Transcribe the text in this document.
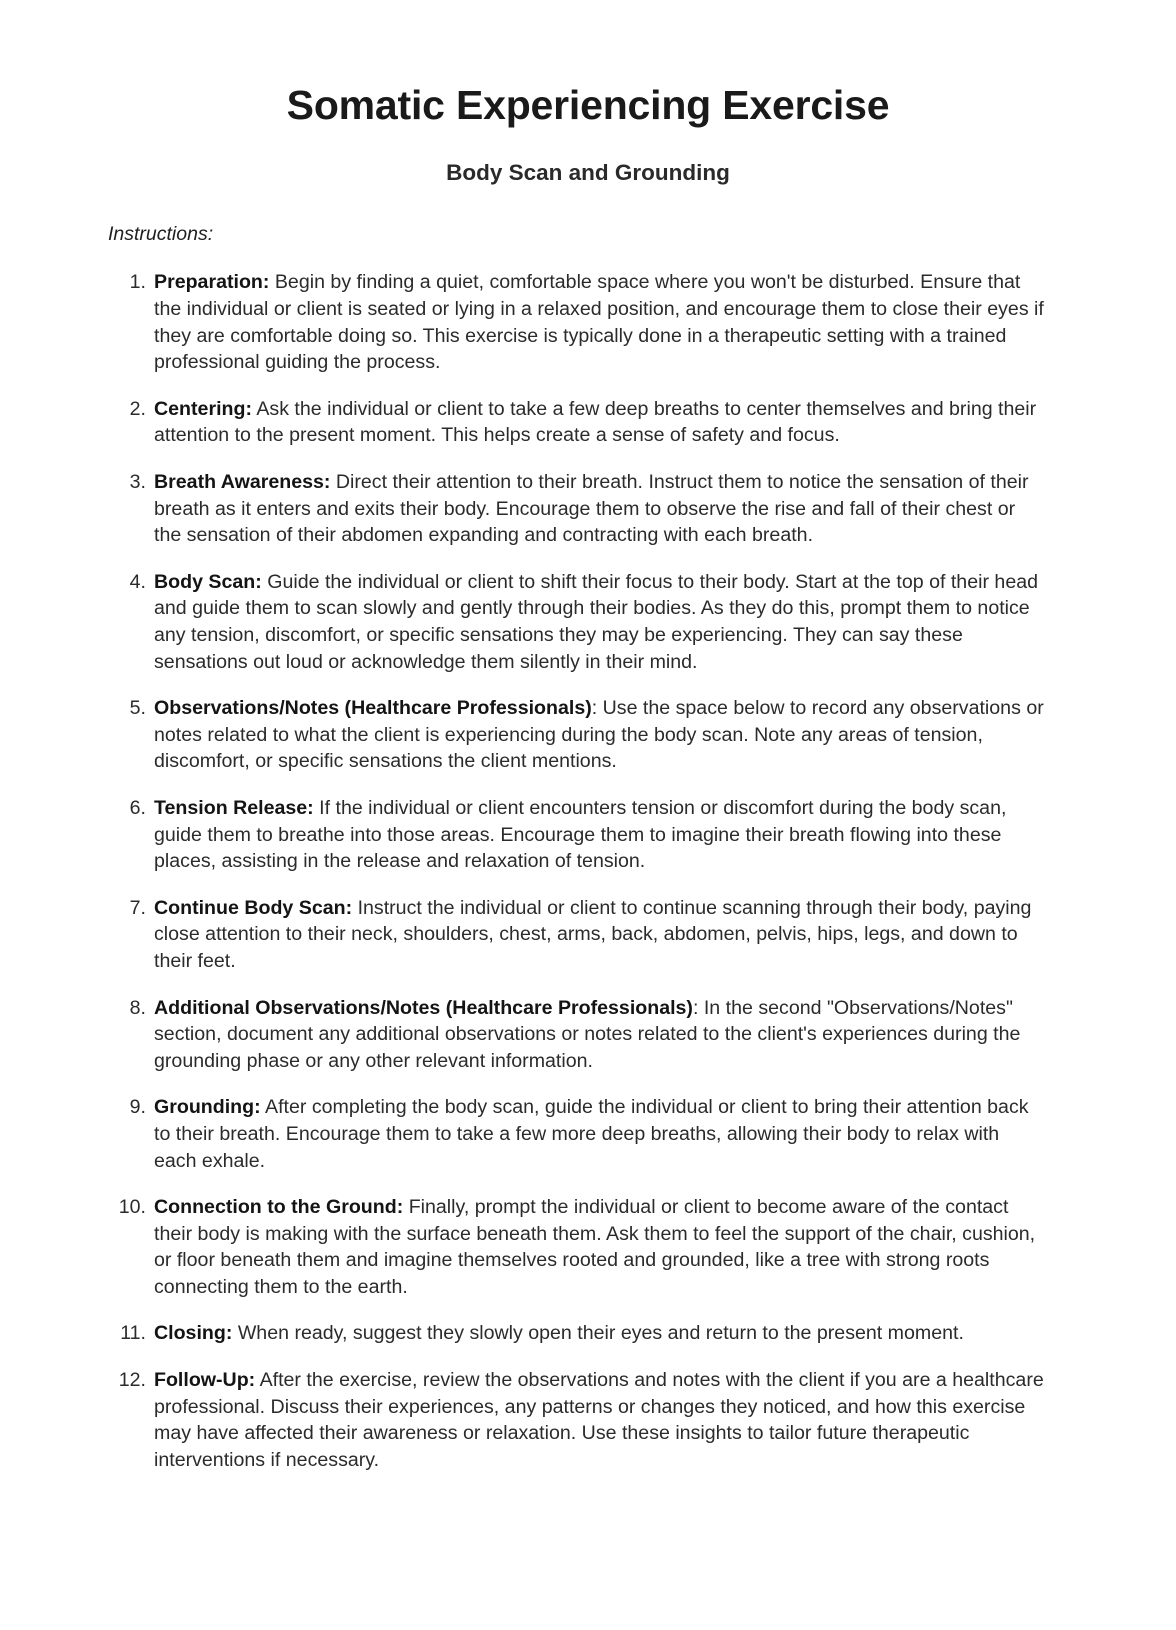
Somatic Experiencing Exercise
Body Scan and Grounding

Instructions:

1. Preparation: Begin by finding a quiet, comfortable space where you won't be disturbed. Ensure that the individual or client is seated or lying in a relaxed position, and encourage them to close their eyes if they are comfortable doing so. This exercise is typically done in a therapeutic setting with a trained professional guiding the process.
2. Centering: Ask the individual or client to take a few deep breaths to center themselves and bring their attention to the present moment. This helps create a sense of safety and focus.
3. Breath Awareness: Direct their attention to their breath. Instruct them to notice the sensation of their breath as it enters and exits their body. Encourage them to observe the rise and fall of their chest or the sensation of their abdomen expanding and contracting with each breath.
4. Body Scan: Guide the individual or client to shift their focus to their body. Start at the top of their head and guide them to scan slowly and gently through their bodies. As they do this, prompt them to notice any tension, discomfort, or specific sensations they may be experiencing. They can say these sensations out loud or acknowledge them silently in their mind.
5. Observations/Notes (Healthcare Professionals): Use the space below to record any observations or notes related to what the client is experiencing during the body scan. Note any areas of tension, discomfort, or specific sensations the client mentions.
6. Tension Release: If the individual or client encounters tension or discomfort during the body scan, guide them to breathe into those areas. Encourage them to imagine their breath flowing into these places, assisting in the release and relaxation of tension.
7. Continue Body Scan: Instruct the individual or client to continue scanning through their body, paying close attention to their neck, shoulders, chest, arms, back, abdomen, pelvis, hips, legs, and down to their feet.
8. Additional Observations/Notes (Healthcare Professionals): In the second "Observations/Notes" section, document any additional observations or notes related to the client's experiences during the grounding phase or any other relevant information.
9. Grounding: After completing the body scan, guide the individual or client to bring their attention back to their breath. Encourage them to take a few more deep breaths, allowing their body to relax with each exhale.
10. Connection to the Ground: Finally, prompt the individual or client to become aware of the contact their body is making with the surface beneath them. Ask them to feel the support of the chair, cushion, or floor beneath them and imagine themselves rooted and grounded, like a tree with strong roots connecting them to the earth.
11. Closing: When ready, suggest they slowly open their eyes and return to the present moment.
12. Follow-Up: After the exercise, review the observations and notes with the client if you are a healthcare professional. Discuss their experiences, any patterns or changes they noticed, and how this exercise may have affected their awareness or relaxation. Use these insights to tailor future therapeutic interventions if necessary.
